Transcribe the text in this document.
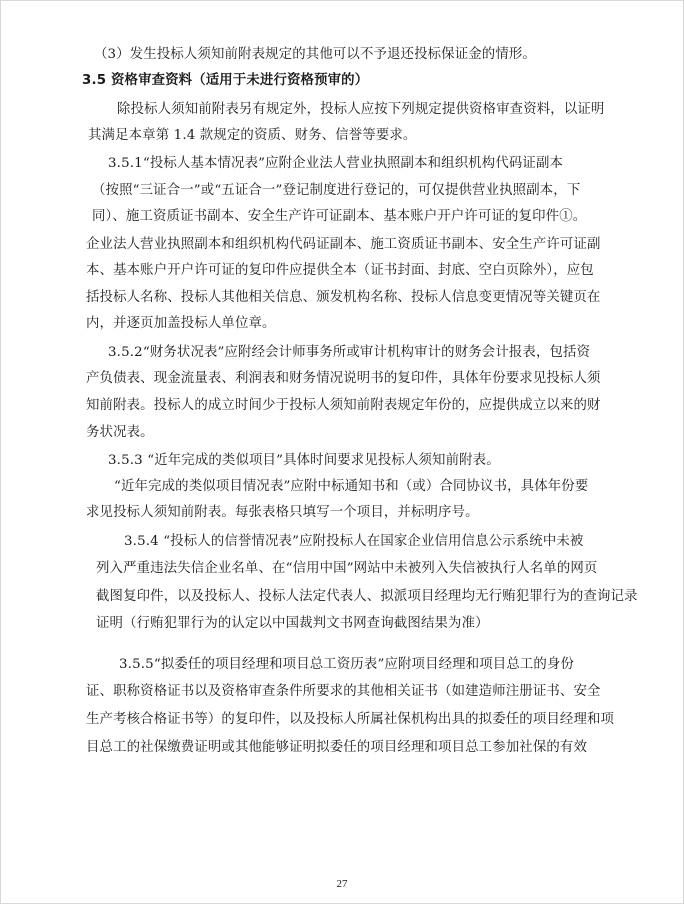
（3）发生投标人须知前附表规定的其他可以不予退还投标保证金的情形。
3.5 资格审查资料（适用于未进行资格预审的）
除投标人须知前附表另有规定外，投标人应按下列规定提供资格审查资料，以证明
其满足本章第 1.4 款规定的资质、财务、信誉等要求。
3.5.1“投标人基本情况表”应附企业法人营业执照副本和组织机构代码证副本
（按照“三证合一”或“五证合一”登记制度进行登记的，可仅提供营业执照副本，下
同）、施工资质证书副本、安全生产许可证副本、基本账户开户许可证的复印件①。
企业法人营业执照副本和组织机构代码证副本、施工资质证书副本、安全生产许可证副
本、基本账户开户许可证的复印件应提供全本（证书封面、封底、空白页除外），应包
括投标人名称、投标人其他相关信息、颁发机构名称、投标人信息变更情况等关键页在
内，并逐页加盖投标人单位章。
3.5.2“财务状况表”应附经会计师事务所或审计机构审计的财务会计报表，包括资
产负债表、现金流量表、利润表和财务情况说明书的复印件，具体年份要求见投标人须
知前附表。投标人的成立时间少于投标人须知前附表规定年份的，应提供成立以来的财
务状况表。
3.5.3 “近年完成的类似项目”具体时间要求见投标人须知前附表。
“近年完成的类似项目情况表”应附中标通知书和（或）合同协议书，具体年份要
求见投标人须知前附表。每张表格只填写一个项目，并标明序号。
3.5.4 “投标人的信誉情况表”应附投标人在国家企业信用信息公示系统中未被
列入严重违法失信企业名单、在“信用中国”网站中未被列入失信被执行人名单的网页
截图复印件，以及投标人、投标人法定代表人、拟派项目经理均无行贿犯罪行为的查询记录
证明（行贿犯罪行为的认定以中国裁判文书网查询截图结果为准）
3.5.5“拟委任的项目经理和项目总工资历表”应附项目经理和项目总工的身份
证、职称资格证书以及资格审查条件所要求的其他相关证书（如建造师注册证书、安全
生产考核合格证书等）的复印件，以及投标人所属社保机构出具的拟委任的项目经理和项
目总工的社保缴费证明或其他能够证明拟委任的项目经理和项目总工参加社保的有效
27
